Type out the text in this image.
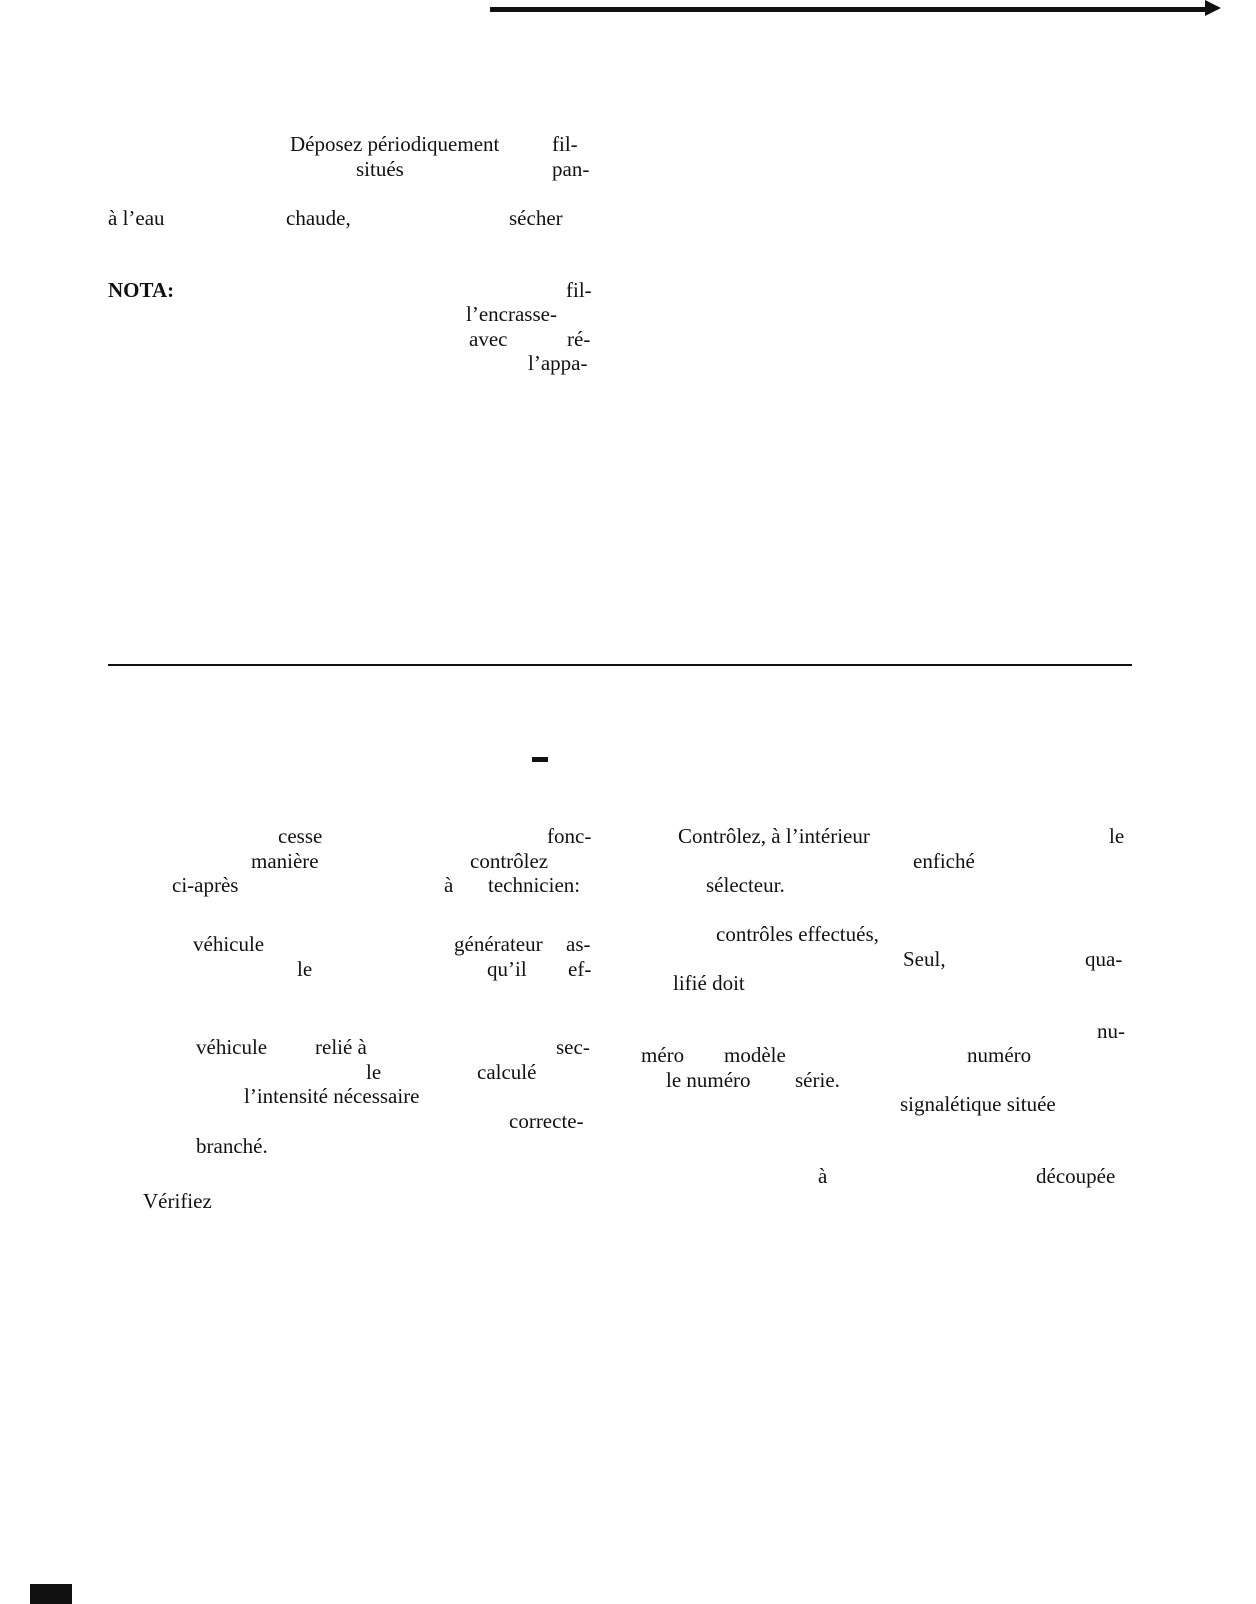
Déposez périodiquement	fil-
situés	pan-
à l’eau	chaude,	sécher
NOTA:	fil-
l’encrasse-
avec	ré-
l’appa-
cesse	fonc-
manière	contrôlez
ci-après	à technicien:
véhicule	générateur as-
le	qu’il ef-
véhicule relié à	sec-
le	calculé
l’intensité nécessaire
correcte-
branché.
Vérifiez
Contrôlez, à l’intérieur	le
enfiché
sélecteur.
contrôles effectués,
Seul,	qua-
lifié doit
nu-
méro modèle	numéro
le numéro série.
signalétique située
à	découpée
